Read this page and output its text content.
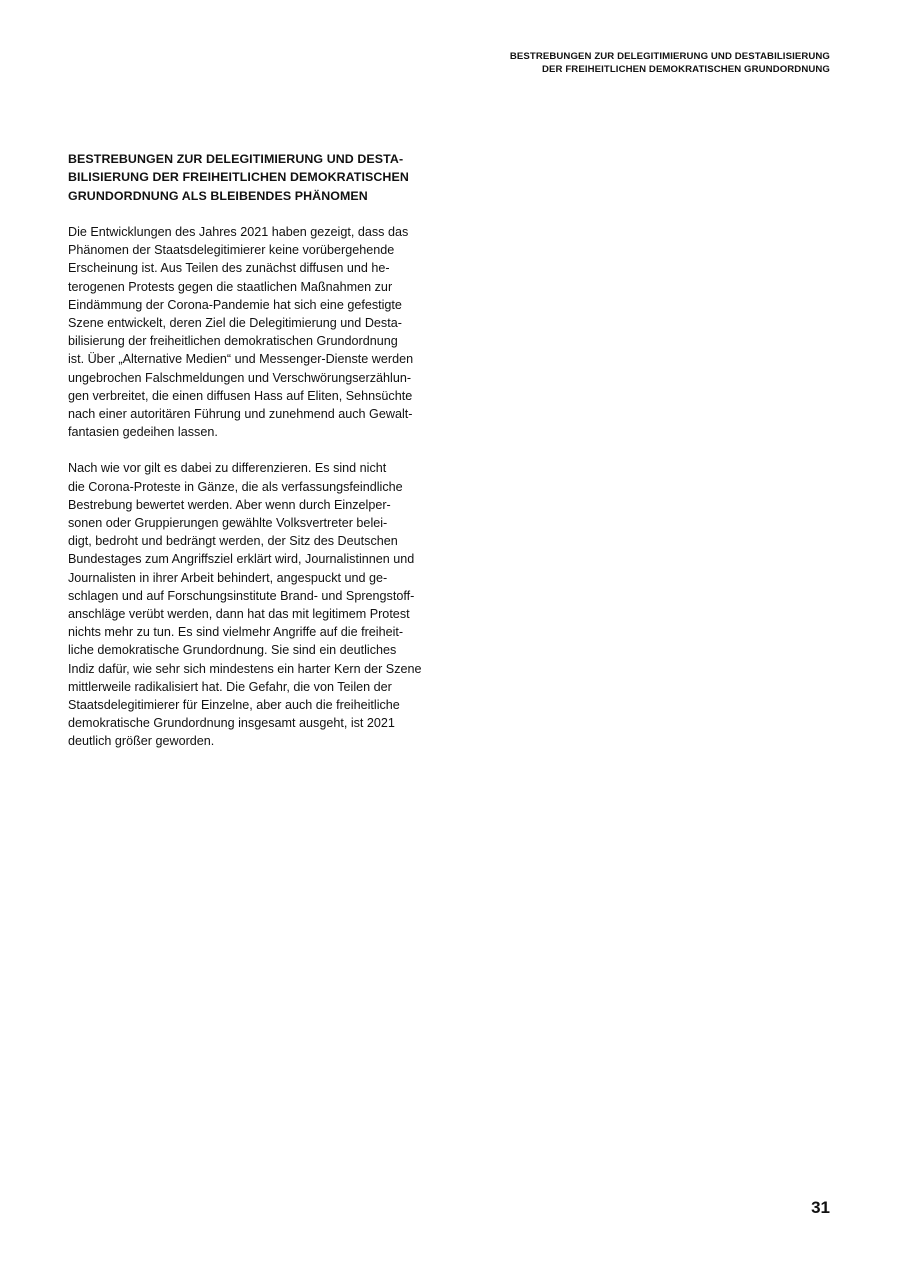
BESTREBUNGEN ZUR DELEGITIMIERUNG UND DESTABILISIERUNG
DER FREIHEITLICHEN DEMOKRATISCHEN GRUNDORDNUNG
BESTREBUNGEN ZUR DELEGITIMIERUNG UND DESTA-
BILISIERUNG DER FREIHEITLICHEN DEMOKRATISCHEN
GRUNDORDNUNG ALS BLEIBENDES PHÄNOMEN

Die Entwicklungen des Jahres 2021 haben gezeigt, dass das
Phänomen der Staatsdelegitimierer keine vorübergehende
Erscheinung ist. Aus Teilen des zunächst diffusen und he-
terogenen Protests gegen die staatlichen Maßnahmen zur
Eindämmung der Corona-Pandemie hat sich eine gefestigte
Szene entwickelt, deren Ziel die Delegitimierung und Desta-
bilisierung der freiheitlichen demokratischen Grundordnung
ist. Über „Alternative Medien“ und Messenger-Dienste werden
ungebrochen Falschmeldungen und Verschwörungserzählun-
gen verbreitet, die einen diffusen Hass auf Eliten, Sehnsüchte
nach einer autoritären Führung und zunehmend auch Gewalt-
fantasien gedeihen lassen.

Nach wie vor gilt es dabei zu differenzieren. Es sind nicht
die Corona-Proteste in Gänze, die als verfassungsfeindliche
Bestrebung bewertet werden. Aber wenn durch Einzelper-
sonen oder Gruppierungen gewählte Volksvertreter belei-
digt, bedroht und bedrängt werden, der Sitz des Deutschen
Bundestages zum Angriffsziel erklärt wird, Journalistinnen und
Journalisten in ihrer Arbeit behindert, angespuckt und ge-
schlagen und auf Forschungsinstitute Brand- und Sprengstoff-
anschläge verübt werden, dann hat das mit legitimem Protest
nichts mehr zu tun. Es sind vielmehr Angriffe auf die freiheit-
liche demokratische Grundordnung. Sie sind ein deutliches
Indiz dafür, wie sehr sich mindestens ein harter Kern der Szene
mittlerweile radikalisiert hat. Die Gefahr, die von Teilen der
Staatsdelegitimierer für Einzelne, aber auch die freiheitliche
demokratische Grundordnung insgesamt ausgeht, ist 2021
deutlich größer geworden.

31
